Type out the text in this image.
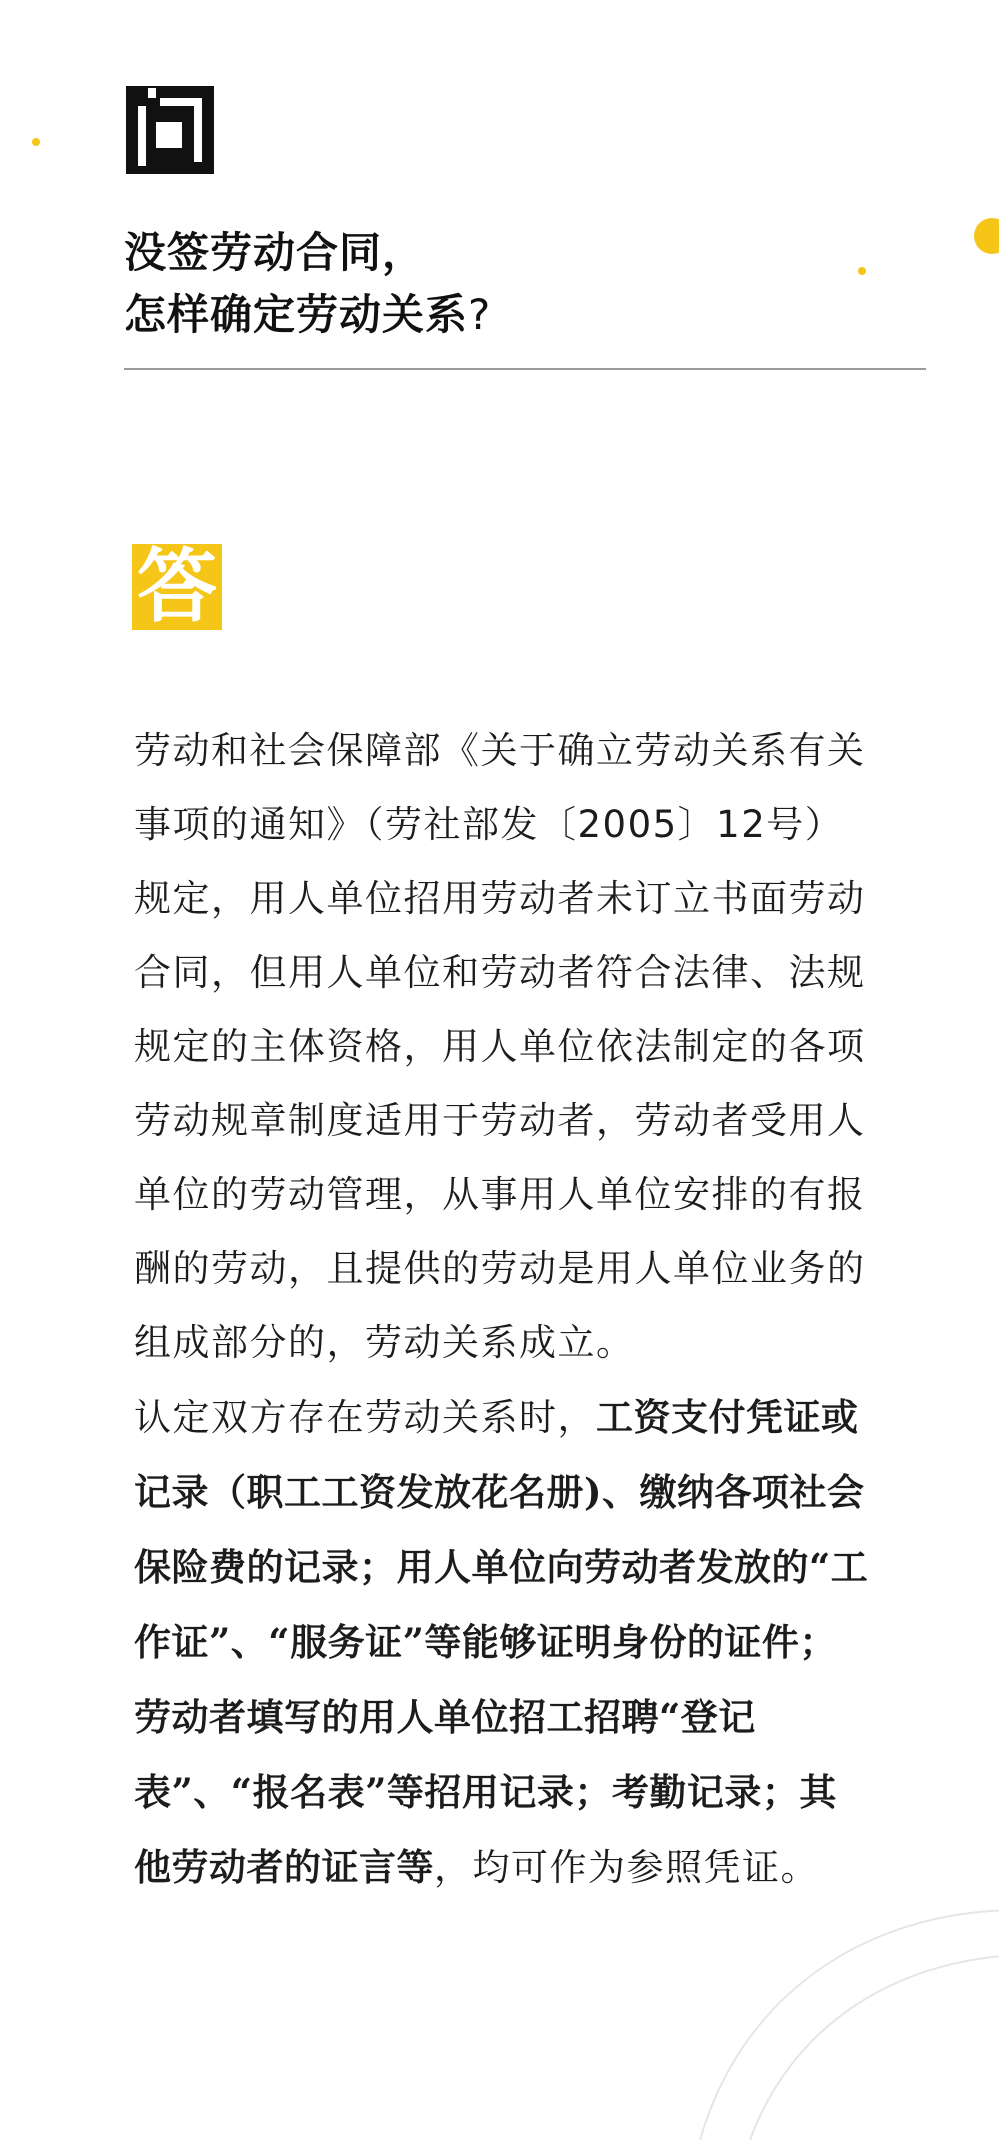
没签劳动合同，
怎样确定劳动关系?
答

劳动和社会保障部《关于确立劳动关系有关事项的通知》（劳社部发〔2005〕12号）规定，用人单位招用劳动者未订立书面劳动合同，但用人单位和劳动者符合法律、法规规定的主体资格，用人单位依法制定的各项劳动规章制度适用于劳动者，劳动者受用人单位的劳动管理，从事用人单位安排的有报酬的劳动，且提供的劳动是用人单位业务的组成部分的，劳动关系成立。

认定双方存在劳动关系时，工资支付凭证或记录（职工工资发放花名册)、缴纳各项社会保险费的记录；用人单位向劳动者发放的“工作证”、“服务证”等能够证明身份的证件；劳动者填写的用人单位招工招聘“登记表”、“报名表”等招用记录；考勤记录；其他劳动者的证言等，均可作为参照凭证。
